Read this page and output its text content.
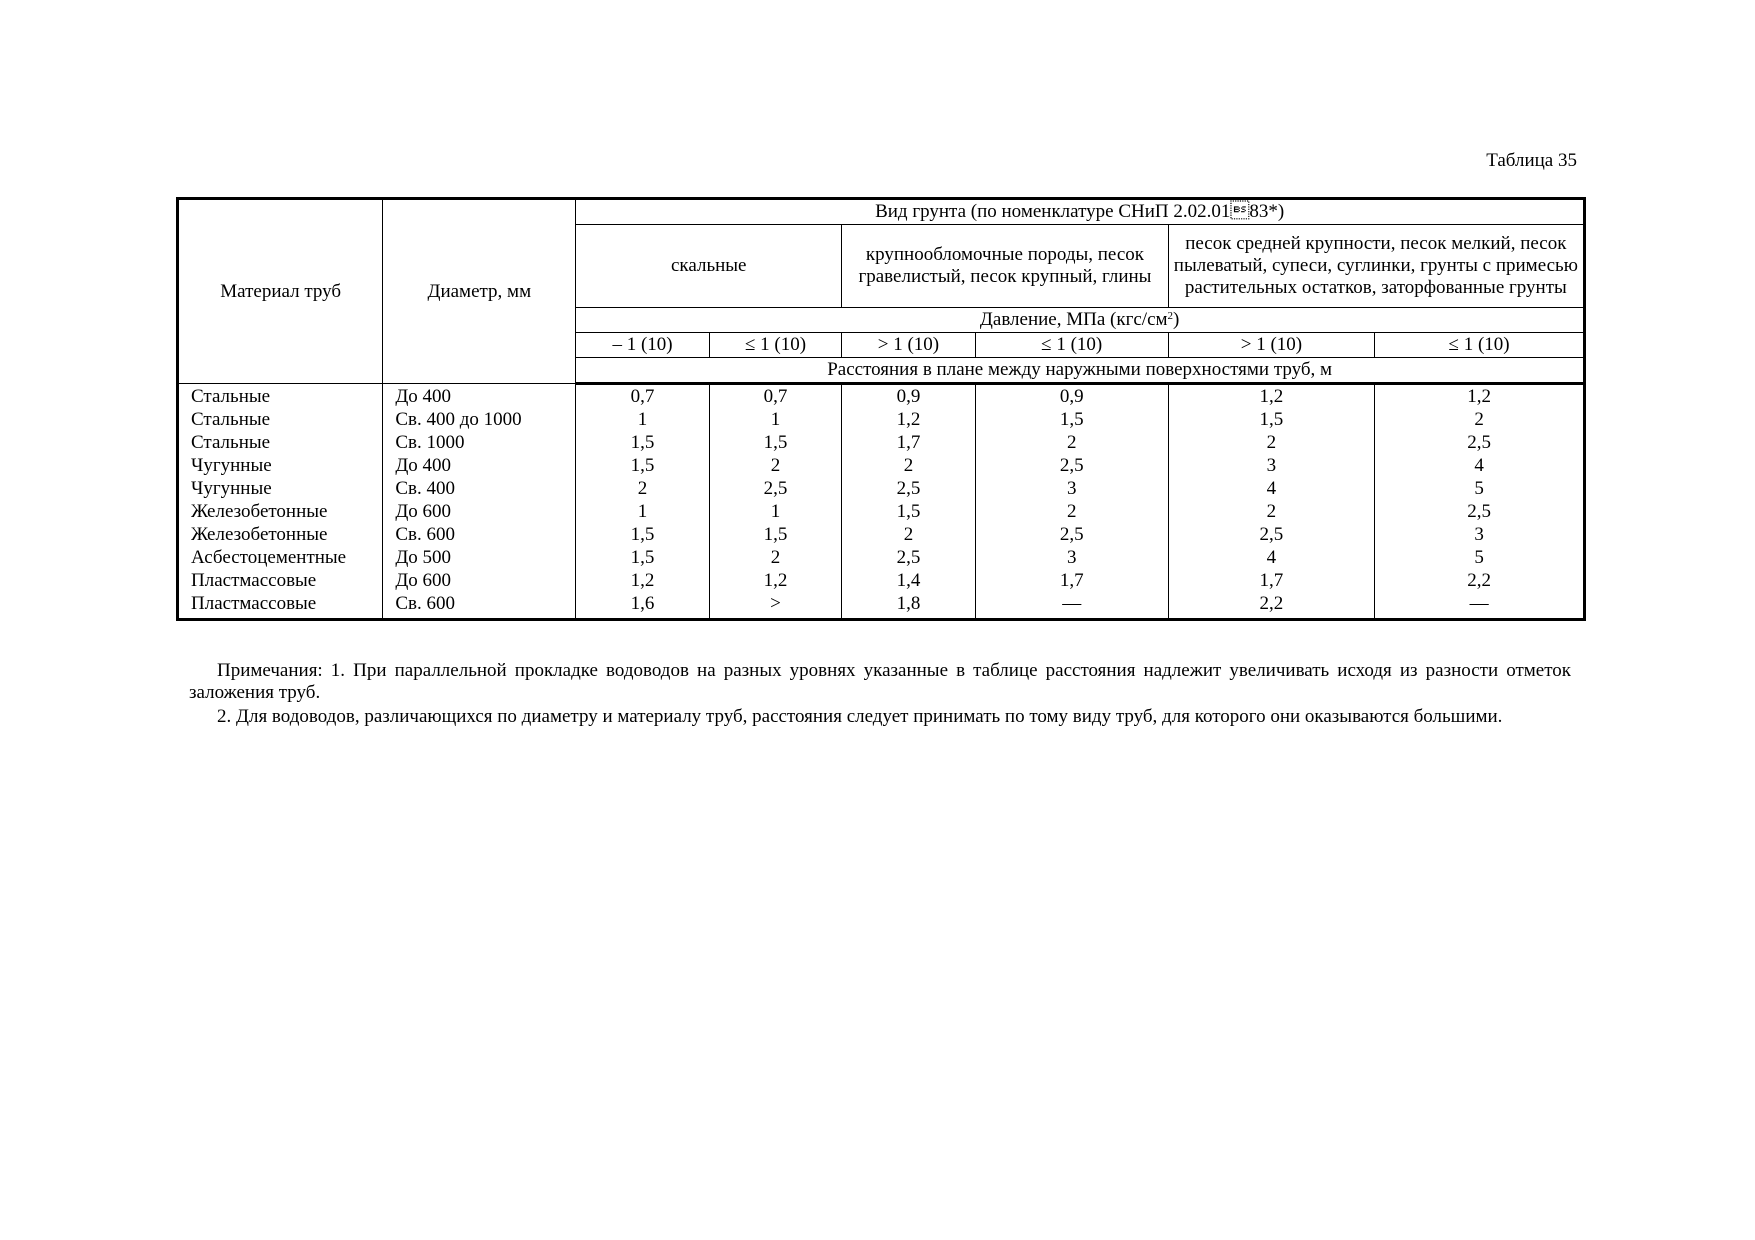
Таблица 35
Материал труб	Диаметр, мм	Вид грунта (по номенклатуре СНиП 2.02.0183*)					
		скальные		крупнообломочные породы, песок гравелистый, песок крупный, глины		песок средней крупности, песок мелкий, песок пылеватый, супеси, суглинки, грунты с примесью растительных остатков, заторфованные грунты	
		Давление, МПа $(кгс/см^2)$					
		‒ 1 (10)	≤ 1 (10)	> 1 (10)	≤ 1 (10)	> 1 (10)	≤ 1 (10)
		Расстояния в плане между наружными поверхностями труб, м					
Стальные	До 400	0,7	0,7	0,9	0,9	1,2	1,2
Стальные	Св. 400 до 1000	1	1	1,2	1,5	1,5	2
Стальные	Св. 1000	1,5	1,5	1,7	2	2	2,5
Чугунные	До 400	1,5	2	2	2,5	3	4
Чугунные	Св. 400	2	2,5	2,5	3	4	5
Железобетонные	До 600	1	1	1,5	2	2	2,5
Железобетонные	Св. 600	1,5	1,5	2	2,5	2,5	3
Асбестоцементные	До 500	1,5	2	2,5	3	4	5
Пластмассовые	До 600	1,2	1,2	1,4	1,7	1,7	2,2
Пластмассовые	Св. 600	1,6	>	1,8	—	2,2	—

Примечания: 1. При параллельной прокладке водоводов на разных уровнях указанные в таблице расстояния надлежит увеличивать исходя из разности отметок заложения труб.

2. Для водоводов, различающихся по диаметру и материалу труб, расстояния следует принимать по тому виду труб, для которого они оказываются большими.
